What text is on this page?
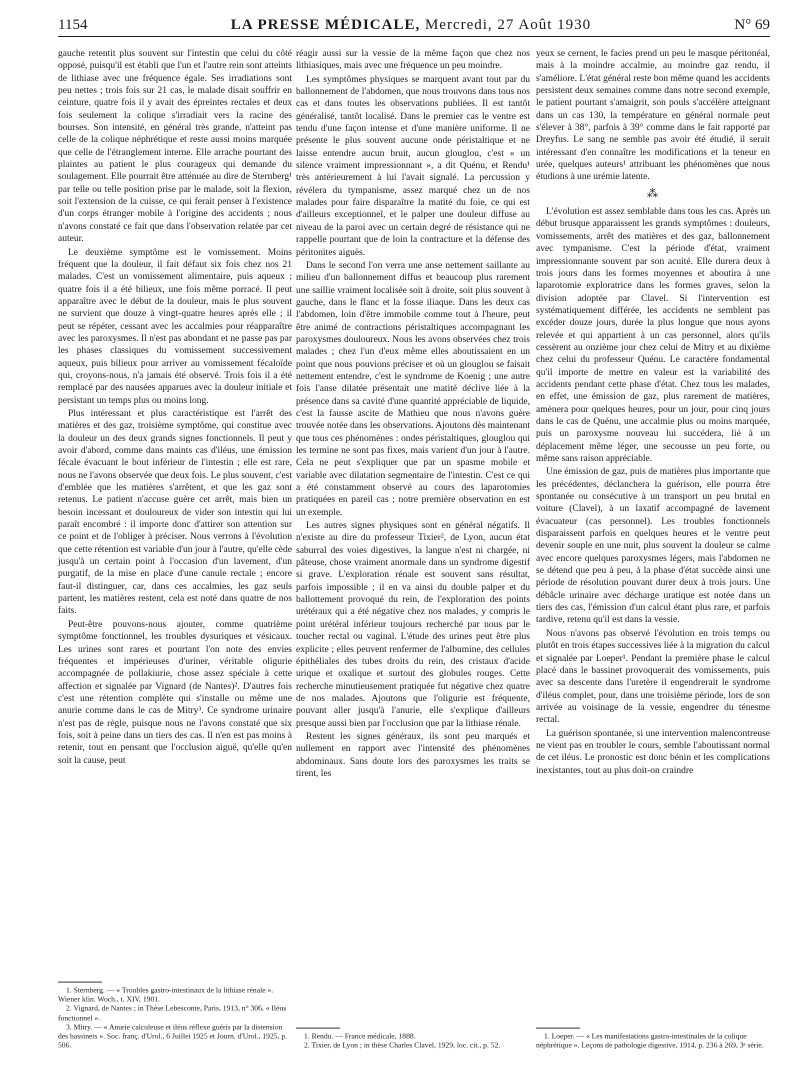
1154	LA PRESSE MÉDICALE, Mercredi, 27 Août 1930	N° 69

gauche retentit plus souvent sur l'intestin que celui du côté opposé, puisqu'il est établi que l'un et l'autre rein sont atteints de lithiase avec une fréquence égale. Ses irradiations sont peu nettes ; trois fois sur 21 cas, le malade disait souffrir en ceinture, quatre fois il y avait des épreintes rectales et deux fois seulement la colique s'irradiait vers la racine des bourses. Son intensité, en général très grande, n'atteint pas celle de la colique néphrétique et reste aussi moins marquée que celle de l'étranglement interne. Elle arrache pourtant des plaintes au patient le plus courageux qui demande du soulagement. Elle pourrait être atténuée au dire de Sternberg¹ par telle ou telle position prise par le malade, soit la flexion, soit l'extension de la cuisse, ce qui ferait penser à l'existence d'un corps étranger mobile à l'origine des accidents ; nous n'avons constaté ce fait que dans l'observation relatée par cet auteur.

Le deuxième symptôme est le vomissement. Moins fréquent que la douleur, il fait défaut six fois chez nos 21 malades. C'est un vomissement alimentaire, puis aqueux ; quatre fois il a été bilieux, une fois même porracé. Il peut apparaître avec le début de la douleur, mais le plus souvent ne survient que douze à vingt-quatre heures après elle ; il peut se répéter, cessant avec les accalmies pour réapparaître avec les paroxysmes. Il n'est pas abondant et ne passe pas par les phases classiques du vomissement successivement aqueux, puis bilieux pour arriver au vomissement fécaloïde qui, croyons-nous, n'a jamais été observé. Trois fois il a été remplacé par des nausées apparues avec la douleur initiale et persistant un temps plus ou moins long.

Plus intéressant et plus caractéristique est l'arrêt des matières et des gaz, troisième symptôme, qui constitue avec la douleur un des deux grands signes fonctionnels. Il peut y avoir d'abord, comme dans maints cas d'iléus, une émission fécale évacuant le bout inférieur de l'intestin ; elle est rare, nous ne l'avons observée que deux fois. Le plus souvent, c'est d'emblée que les matières s'arrêtent, et que les gaz sont retenus. Le patient n'accuse guère cet arrêt, mais bien un besoin incessant et douloureux de vider son intestin qui lui paraît encombré : il importe donc d'attirer son attention sur ce point et de l'obliger à préciser. Nous verrons à l'évolution que cette rétention est variable d'un jour à l'autre, qu'elle cède jusqu'à un certain point à l'occasion d'un lavement, d'un purgatif, de la mise en place d'une canule rectale ; encore faut-il distinguer, car, dans ces accalmies, les gaz seuls partent, les matières restent, cela est noté dans quatre de nos faits.

Peut-être pouvons-nous ajouter, comme quatrième symptôme fonctionnel, les troubles dysuriques et vésicaux. Les urines sont rares et pourtant l'on note des envies fréquentes et impérieuses d'uriner, véritable oligurie accompagnée de pollakiurie, chose assez spéciale à cette affection et signalée par Vignard (de Nantes)². D'autres fois c'est une rétention complète qui s'installe ou même une anurie comme dans le cas de Mitry³. Ce syndrome urinaire n'est pas de règle, puisque nous ne l'avons constaté que six fois, soit à peine dans un tiers des cas. Il n'en est pas moins à retenir, tout en pensant que l'occlusion aiguë, qu'elle qu'en soit la cause, peut

réagir aussi sur la vessie de la même façon que chez nos lithiasiques, mais avec une fréquence un peu moindre.

Les symptômes physiques se marquent avant tout par du ballonnement de l'abdomen, que nous trouvons dans tous nos cas et dans toutes les observations publiées. Il est tantôt généralisé, tantôt localisé. Dans le premier cas le ventre est tendu d'une façon intense et d'une manière uniforme. Il ne présente le plus souvent aucune onde péristaltique et ne laisse entendre aucun bruit, aucun glouglou, c'est « un silence vraiment impressionnant », a dit Quénu, et Rendu¹ très antérieurement à lui l'avait signalé. La percussion y révélera du tympanisme, assez marqué chez un de nos malades pour faire disparaître la matité du foie, ce qui est d'ailleurs exceptionnel, et le palper une douleur diffuse au niveau de la paroi avec un certain degré de résistance qui ne rappelle pourtant que de loin la contracture et la défense des péritonites aiguës.

Dans le second l'on verra une anse nettement saillante au milieu d'un ballonnement diffus et beaucoup plus rarement une saillie vraiment localisée soit à droite, soit plus souvent à gauche, dans le flanc et la fosse iliaque. Dans les deux cas l'abdomen, loin d'être immobile comme tout à l'heure, peut être animé de contractions péristaltiques accompagnant les paroxysmes douloureux. Nous les avons observées chez trois malades ; chez l'un d'eux même elles aboutissaient en un point que nous pouvions préciser et où un glouglou se faisait nettement entendre, c'est le syndrome de Koenig ; une autre fois l'anse dilatée présentait une matité déclive liée à la présence dans sa cavité d'une quantité appréciable de liquide, c'est la fausse ascite de Mathieu que nous n'avons guère trouvée notée dans les observations. Ajoutons dès maintenant que tous ces phénomènes : ondes péristaltiques, glouglou qui les termine ne sont pas fixes, mais varient d'un jour à l'autre. Cela ne peut s'expliquer que par un spasme mobile et variable avec dilatation segmentaire de l'intestin. C'est ce qui a été constamment observé au cours des laparotomies pratiquées en pareil cas ; notre première observation en est un exemple.

Les autres signes physiques sont en général négatifs. Il n'existe au dire du professeur Tixier², de Lyon, aucun état saburral des voies digestives, la langue n'est ni chargée, ni pâteuse, chose vraiment anormale dans un syndrome digestif si grave. L'exploration rénale est souvent sans résultat, parfois impossible ; il en va ainsi du double palper et du ballottement provoqué du rein, de l'exploration des points urétéraux qui a été négative chez nos malades, y compris le point urétéral inférieur toujours recherché par nous par le toucher rectal ou vaginal. L'étude des urines peut être plus explicite ; elles peuvent renfermer de l'albumine, des cellules épithéliales des tubes droits du rein, des cristaux d'acide urique et oxalique et surtout des globules rouges. Cette recherche minutieusement pratiquée fut négative chez quatre de nos malades. Ajoutons que l'oligurie est fréquente, pouvant aller jusqu'à l'anurie, elle s'explique d'ailleurs presque aussi bien par l'occlusion que par la lithiase rénale.

Restent les signes généraux, ils sont peu marqués et nullement en rapport avec l'intensité des phénomènes abdominaux. Sans doute lors des paroxysmes les traits se tirent, les

yeux se cernent, le facies prend un peu le masque péritonéal, mais à la moindre accalmie, au moindre gaz rendu, il s'améliore. L'état général reste bon même quand les accidents persistent deux semaines comme dans notre second exemple, le patient pourtant s'amaigrit, son pouls s'accélère atteignant dans un cas 130, la température en général normale peut s'élever à 38°, parfois à 39° comme dans le fait rapporté par Dreyfus. Le sang ne semble pas avoir été étudié, il serait intéressant d'en connaître les modifications et la teneur en urée, quelques auteurs¹ attribuant les phénomènes que nous étudions à une urémie latente.

⁂

L'évolution est assez semblable dans tous les cas. Après un début brusque apparaissent les grands symptômes : douleurs, vomissements, arrêt des matières et des gaz, ballonnement avec tympanisme. C'est la période d'état, vraiment impressionnante souvent par son acuité. Elle durera deux à trois jours dans les formes moyennes et aboutira à une laparotomie exploratrice dans les formes graves, selon la division adoptée par Clavel. Si l'intervention est systématiquement différée, les accidents ne semblent pas excéder douze jours, durée la plus longue que nous ayons relevée et qui appartient à un cas personnel, alors qu'ils cessèrent au onzième jour chez celui de Mitry et au dixième chez celui du professeur Quénu. Le caractère fondamental qu'il importe de mettre en valeur est la variabilité des accidents pendant cette phase d'état. Chez tous les malades, en effet, une émission de gaz, plus rarement de matières, amènera pour quelques heures, pour un jour, pour cinq jours dans le cas de Quénu, une accalmie plus ou moins marquée, puis un paroxysme nouveau lui succédera, lié à un déplacement même léger, une secousse un peu forte, ou même sans raison appréciable.

Une émission de gaz, puis de matières plus importante que les précédentes, déclanchera la guérison, elle pourra être spontanée ou consécutive à un transport un peu brutal en voiture (Clavel), à un laxatif accompagné de lavement évacuateur (cas personnel). Les troubles fonctionnels disparaissent parfois en quelques heures et le ventre peut devenir souple en une nuit, plus souvent la douleur se calme avec encore quelques paroxysmes légers, mais l'abdomen ne se détend que peu à peu, à la phase d'état succède ainsi une période de résolution pouvant durer deux à trois jours. Une débâcle urinaire avec décharge uratique est notée dans un tiers des cas, l'émission d'un calcul étant plus rare, et parfois tardive, retenu qu'il est dans la vessie.

Nous n'avons pas observé l'évolution en trois temps ou plutôt en trois étapes successives liée à la migration du calcul et signalée par Loeper¹. Pendant la première phase le calcul placé dans le bassinet provoquerait des vomissements, puis avec sa descente dans l'uretère il engendrerait le syndrome d'iléus complet, pour, dans une troisième période, lors de son arrivée au voisinage de la vessie, engendrer du ténesme rectal.

La guérison spontanée, si une intervention malencontreuse ne vient pas en troubler le cours, semble l'aboutissant normal de cet iléus. Le pronostic est donc bénin et les complications inexistantes, tout au plus doit-on craindre

1. Sternberg. — « Troubles gastro-intestinaux de la lithiase rénale ». Wiener klin. Woch., t. XIV, 1901.

2. Vignard, de Nantes ; in Thèse Lebesconte, Paris, 1913, n° 306, « Iléus fonctionnel ».

3. Mitry. — « Anurie calculeuse et iléus réflexe guéris par la distension des bassinets ». Soc. franç. d'Urol., 6 Juillet 1925 et Journ. d'Urol., 1925, p. 506.

1. Rendu. — France médicale, 1888.

2. Tixier, de Lyon ; in thèse Charles Clavel, 1929, loc. cit., p. 52.

1. Loeper. — « Les manifestations gastro-intestinales de la colique néphrétique ». Leçons de pathologie digestive, 1914, p. 236 à 269, 3ᵉ série.
